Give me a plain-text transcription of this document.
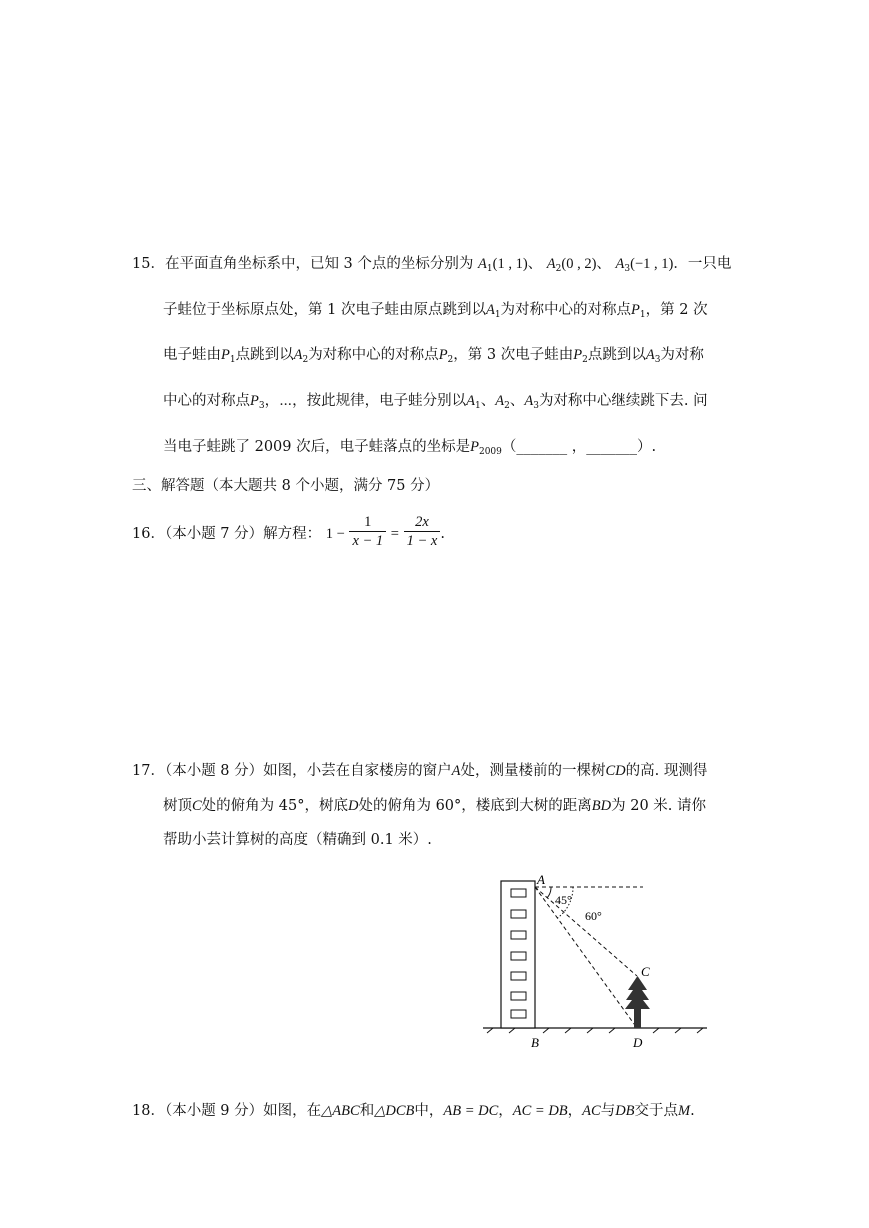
15．在平面直角坐标系中，已知 3 个点的坐标分别为 $A_1(1$ , 1)、 $A_2(0$ , 2)、 $A_3(-1$ , 1)．一只电
子蛙位于坐标原点处，第 1 次电子蛙由原点跳到以$A_1$为对称中心的对称点$P_1$，第 2 次
电子蛙由$P_1$点跳到以$A_2$为对称中心的对称点$P_2$，第 3 次电子蛙由$P_2$点跳到以$A_3$为对称
中心的对称点$P_3$，⋯，按此规律，电子蛙分别以$A_1$、$A_2$、$A_3$为对称中心继续跳下去. 问
当电子蛙跳了 2009 次后，电子蛙落点的坐标是$P_{2009}(\_\_\_\_\_\_\_$ ，_______）.
三、解答题（本大题共 8 个小题，满分 75 分）
16．（本小题 7 分）解方程： $1 - \frac{1}{x - 1} = \frac{2x}{1 - x}$ .
17．（本小题 8 分）如图，小芸在自家楼房的窗户A处，测量楼前的一棵树CD的高. 现测得
树顶C处的俯角为 45°，树底D处的俯角为 60°，楼底到大树的距离BD为 20 米. 请你
帮助小芸计算树的高度（精确到 0.1 米）.
A
B
C
D
45°
60°
18．（本小题 9 分）如图，在△ABC和△DCB中，AB = DC，AC = DB，AC与DB交于点M.
